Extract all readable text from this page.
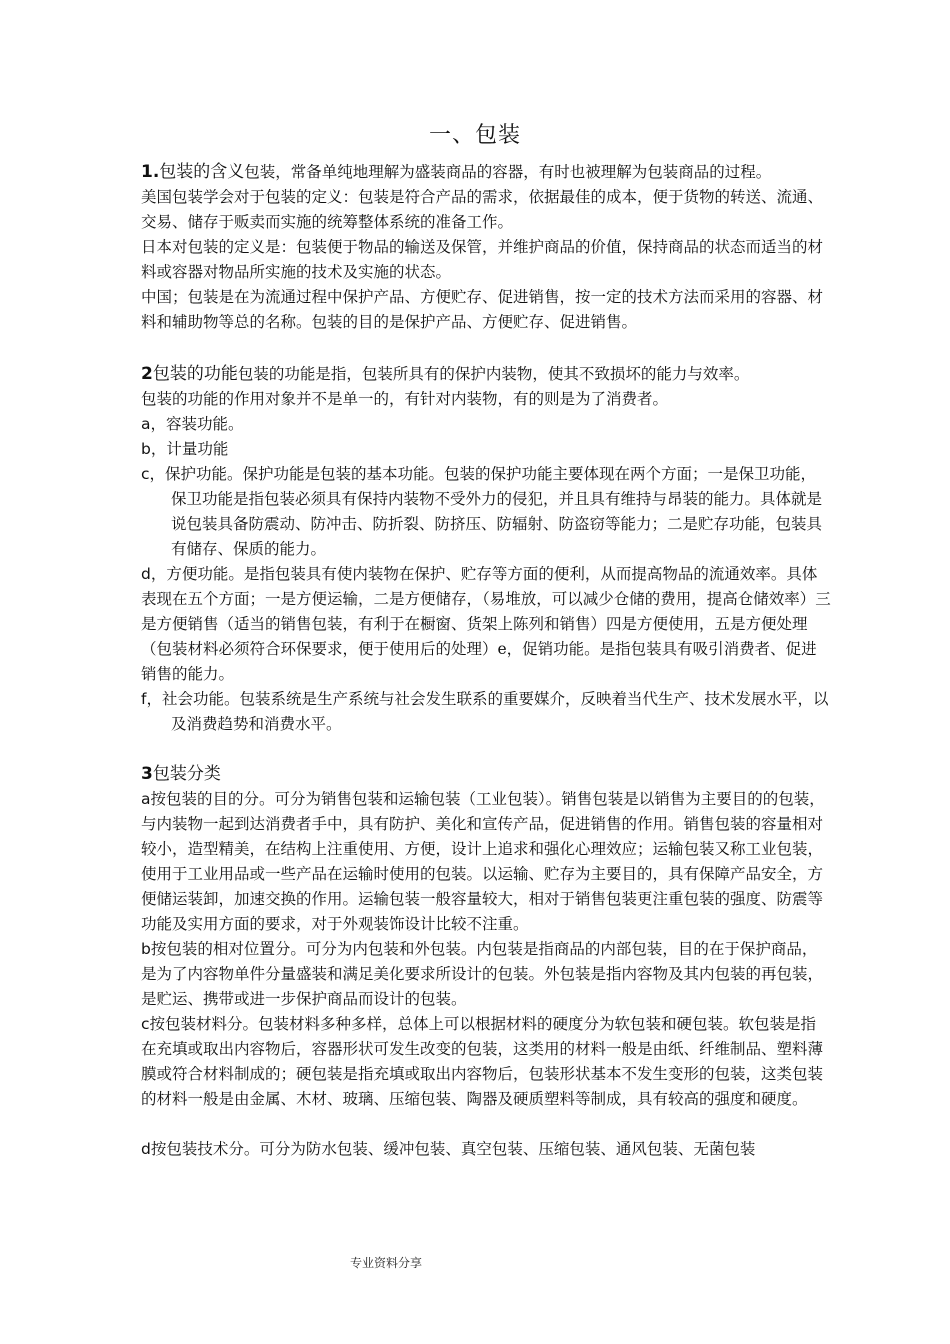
一、包装

1.包装的含义包装，常备单纯地理解为盛装商品的容器，有时也被理解为包装商品的过程。

美国包装学会对于包装的定义：包装是符合产品的需求，依据最佳的成本，便于货物的转送、流通、交易、储存于贩卖而实施的统筹整体系统的准备工作。

日本对包装的定义是：包装便于物品的输送及保管，并维护商品的价值，保持商品的状态而适当的材料或容器对物品所实施的技术及实施的状态。

中国；包装是在为流通过程中保护产品、方便贮存、促进销售，按一定的技术方法而采用的容器、材料和辅助物等总的名称。包装的目的是保护产品、方便贮存、促进销售。

2包装的功能包装的功能是指，包装所具有的保护内装物，使其不致损坏的能力与效率。

包装的功能的作用对象并不是单一的，有针对内装物，有的则是为了消费者。

a，容装功能。

b，计量功能

c，保护功能。保护功能是包装的基本功能。包装的保护功能主要体现在两个方面；一是保卫功能，保卫功能是指包装必须具有保持内装物不受外力的侵犯，并且具有维持与昂装的能力。具体就是说包装具备防震动、防冲击、防折裂、防挤压、防辐射、防盗窃等能力；二是贮存功能，包装具有储存、保质的能力。

d，方便功能。是指包装具有使内装物在保护、贮存等方面的便利，从而提高物品的流通效率。具体表现在五个方面；一是方便运输，二是方便储存，（易堆放，可以减少仓储的费用，提高仓储效率）三是方便销售（适当的销售包装，有利于在橱窗、货架上陈列和销售）四是方便使用，五是方便处理（包装材料必须符合环保要求，便于使用后的处理）e，促销功能。是指包装具有吸引消费者、促进销售的能力。

f，社会功能。包装系统是生产系统与社会发生联系的重要媒介，反映着当代生产、技术发展水平，以及消费趋势和消费水平。

3包装分类

a按包装的目的分。可分为销售包装和运输包装（工业包装）。销售包装是以销售为主要目的的包装，与内装物一起到达消费者手中，具有防护、美化和宣传产品，促进销售的作用。销售包装的容量相对较小，造型精美，在结构上注重使用、方便，设计上追求和强化心理效应；运输包装又称工业包装，使用于工业用品或一些产品在运输时使用的包装。以运输、贮存为主要目的，具有保障产品安全，方便储运装卸，加速交换的作用。运输包装一般容量较大，相对于销售包装更注重包装的强度、防震等功能及实用方面的要求，对于外观装饰设计比较不注重。

b按包装的相对位置分。可分为内包装和外包装。内包装是指商品的内部包装，目的在于保护商品，是为了内容物单件分量盛装和满足美化要求所设计的包装。外包装是指内容物及其内包装的再包装，是贮运、携带或进一步保护商品而设计的包装。

c按包装材料分。包装材料多种多样，总体上可以根据材料的硬度分为软包装和硬包装。软包装是指在充填或取出内容物后，容器形状可发生改变的包装，这类用的材料一般是由纸、纤维制品、塑料薄膜或符合材料制成的；硬包装是指充填或取出内容物后，包装形状基本不发生变形的包装，这类包装的材料一般是由金属、木材、玻璃、压缩包装、陶器及硬质塑料等制成，具有较高的强度和硬度。

d按包装技术分。可分为防水包装、缓冲包装、真空包装、压缩包装、通风包装、无菌包装

专业资料分享
